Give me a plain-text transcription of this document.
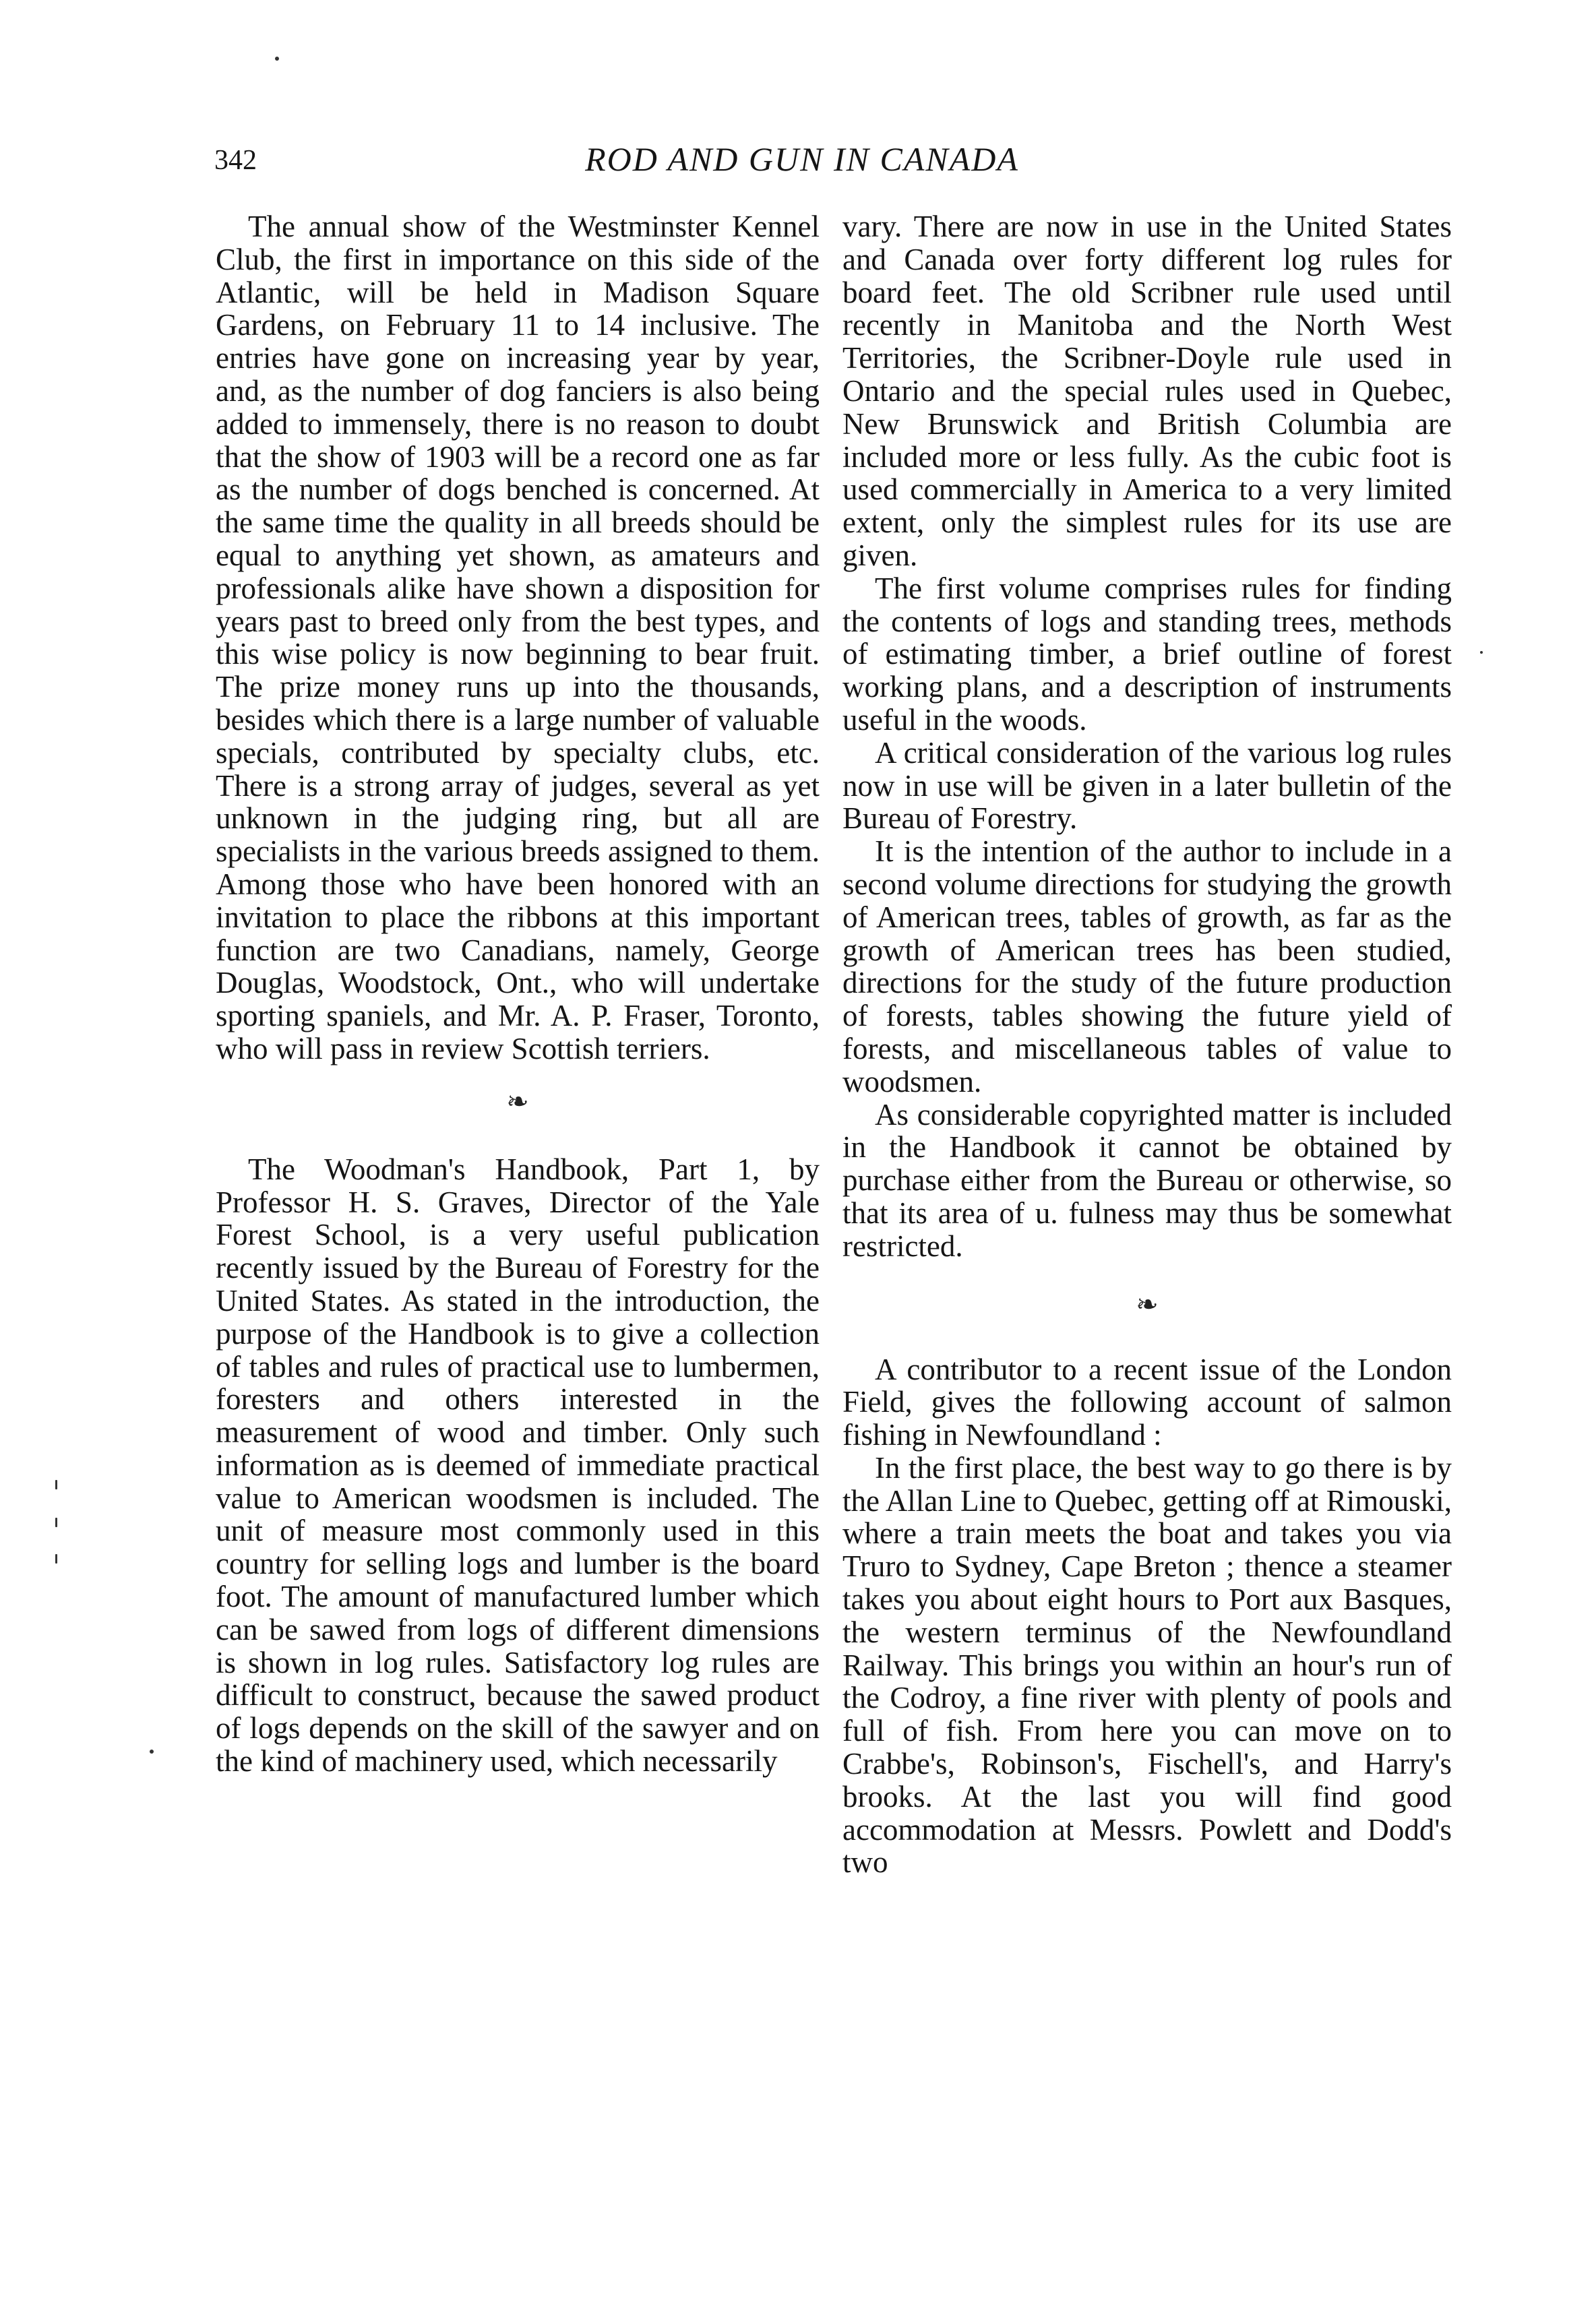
342	ROD AND GUN IN CANADA

The annual show of the Westminster Kennel Club, the first in importance on this side of the Atlantic, will be held in Madison Square Gardens, on February 11 to 14 inclusive. The entries have gone on increasing year by year, and, as the number of dog fanciers is also being added to immensely, there is no reason to doubt that the show of 1903 will be a record one as far as the number of dogs benched is concerned. At the same time the quality in all breeds should be equal to anything yet shown, as amateurs and professionals alike have shown a disposition for years past to breed only from the best types, and this wise policy is now beginning to bear fruit. The prize money runs up into the thousands, besides which there is a large number of valuable specials, contributed by specialty clubs, etc. There is a strong array of judges, several as yet unknown in the judging ring, but all are specialists in the various breeds assigned to them. Among those who have been honored with an invitation to place the ribbons at this important function are two Canadians, namely, George Douglas, Woodstock, Ont., who will undertake sporting spaniels, and Mr. A. P. Fraser, Toronto, who will pass in review Scottish terriers.

❧

The Woodman's Handbook, Part 1, by Professor H. S. Graves, Director of the Yale Forest School, is a very useful publication recently issued by the Bureau of Forestry for the United States. As stated in the introduction, the purpose of the Handbook is to give a collection of tables and rules of practical use to lumbermen, foresters and others interested in the measurement of wood and timber. Only such information as is deemed of immediate practical value to American woodsmen is included. The unit of measure most commonly used in this country for selling logs and lumber is the board foot. The amount of manufactured lumber which can be sawed from logs of different dimensions is shown in log rules. Satisfactory log rules are difficult to construct, because the sawed product of logs depends on the skill of the sawyer and on the kind of machinery used, which necessarily

vary. There are now in use in the United States and Canada over forty different log rules for board feet. The old Scribner rule used until recently in Manitoba and the North West Territories, the Scribner-Doyle rule used in Ontario and the special rules used in Quebec, New Brunswick and British Columbia are included more or less fully. As the cubic foot is used commercially in America to a very limited extent, only the simplest rules for its use are given.

The first volume comprises rules for finding the contents of logs and standing trees, methods of estimating timber, a brief outline of forest working plans, and a description of instruments useful in the woods.

A critical consideration of the various log rules now in use will be given in a later bulletin of the Bureau of Forestry.

It is the intention of the author to include in a second volume directions for studying the growth of American trees, tables of growth, as far as the growth of American trees has been studied, directions for the study of the future production of forests, tables showing the future yield of forests, and miscellaneous tables of value to woodsmen.

As considerable copyrighted matter is included in the Handbook it cannot be obtained by purchase either from the Bureau or otherwise, so that its area of u. fulness may thus be somewhat restricted.

❧

A contributor to a recent issue of the London Field, gives the following account of salmon fishing in Newfoundland :

In the first place, the best way to go there is by the Allan Line to Quebec, getting off at Rimouski, where a train meets the boat and takes you via Truro to Sydney, Cape Breton ; thence a steamer takes you about eight hours to Port aux Basques, the western terminus of the Newfoundland Railway. This brings you within an hour's run of the Codroy, a fine river with plenty of pools and full of fish. From here you can move on to Crabbe's, Robinson's, Fischell's, and Harry's brooks. At the last you will find good accommodation at Messrs. Powlett and Dodd's two
